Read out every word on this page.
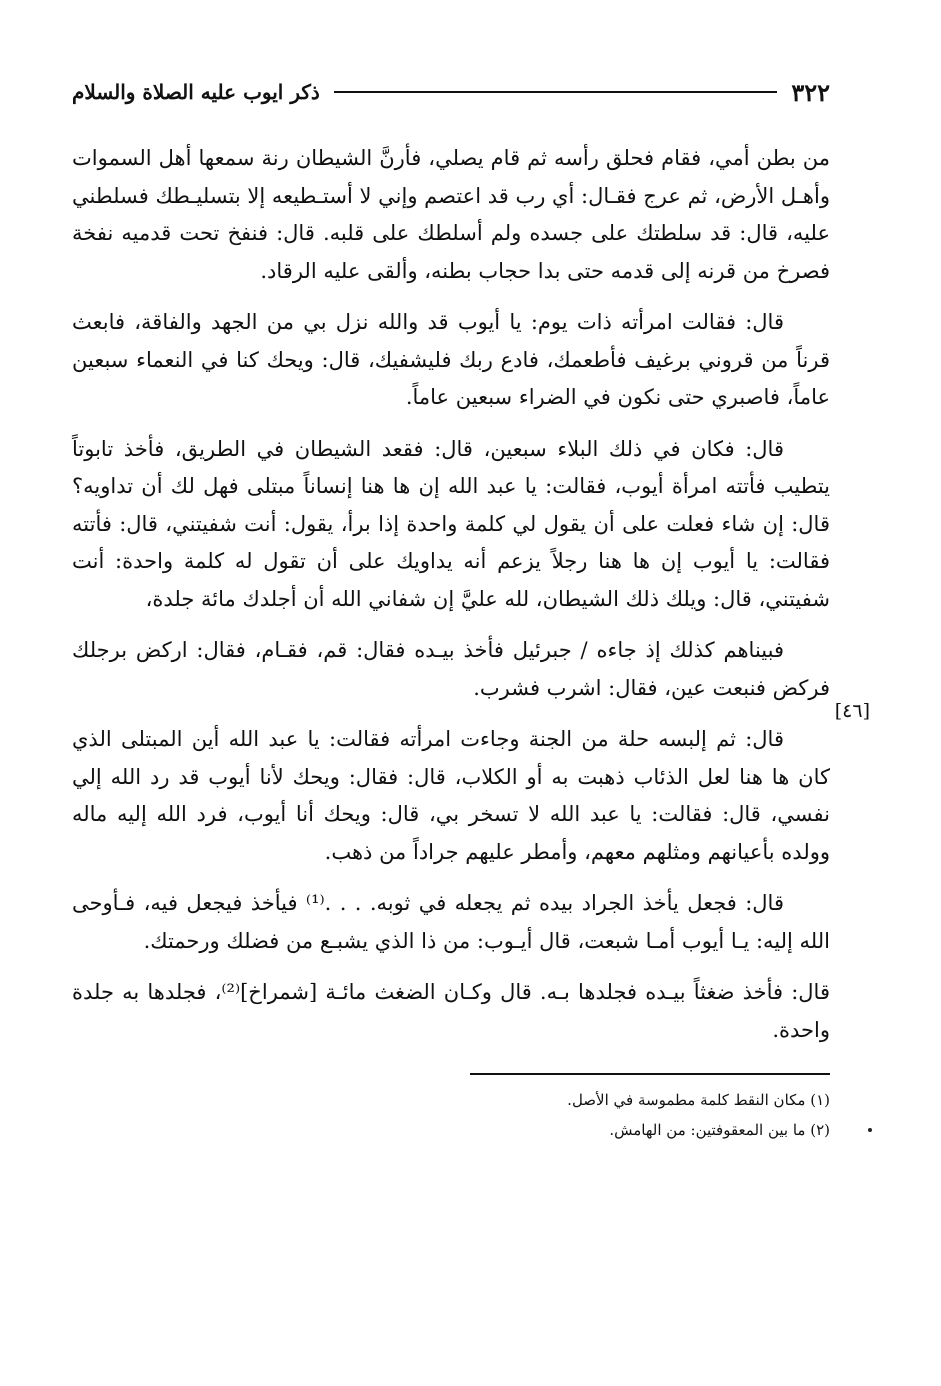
٣٢٢
ذكر ايوب عليه الصلاة والسلام

من بطن أمي، فقام فحلق رأسه ثم قام يصلي، فأرنَّ الشيطان رنة سمعها أهل السموات وأهـل الأرض، ثم عرج فقـال: أي رب قد اعتصم وإني لا أستـطيعه إلا بتسليـطك فسلطني عليه، قال: قد سلطتك على جسده ولم أسلطك على قلبه. قال: فنفخ تحت قدميه نفخة فصرخ من قرنه إلى قدمه حتى بدا حجاب بطنه، وألقى عليه الرقاد.

قال: فقالت امرأته ذات يوم: يا أيوب قد والله نزل بي من الجهد والفاقة، فابعث قرناً من قروني برغيف فأطعمك، فادع ربك فليشفيك، قال: ويحك كنا في النعماء سبعين عاماً، فاصبري حتى نكون في الضراء سبعين عاماً.

قال: فكان في ذلك البلاء سبعين، قال: فقعد الشيطان في الطريق، فأخذ تابوتاً يتطيب فأتته امرأة أيوب، فقالت: يا عبد الله إن ها هنا إنساناً مبتلى فهل لك أن تداويه؟ قال: إن شاء فعلت على أن يقول لي كلمة واحدة إذا برأ، يقول: أنت شفيتني، قال: فأتته فقالت: يا أيوب إن ها هنا رجلاً يزعم أنه يداويك على أن تقول له كلمة واحدة: أنت شفيتني، قال: ويلك ذلك الشيطان، لله عليَّ إن شفاني الله أن أجلدك مائة جلدة،

فبيناهم كذلك إذ جاءه / جبرئيل فأخذ بيـده فقال: قم، فقـام، فقال: اركض برجلك فركض فنبعت عين، فقال: اشرب فشرب.

قال: ثم إلبسه حلة من الجنة وجاءت امرأته فقالت: يا عبد الله أين المبتلى الذي كان ها هنا لعل الذئاب ذهبت به أو الكلاب، قال: فقال: ويحك لأنا أيوب قد رد الله إلي نفسي، قال: فقالت: يا عبد الله لا تسخر بي، قال: ويحك أنا أيوب، فرد الله إليه ماله وولده بأعيانهم ومثلهم معهم، وأمطر عليهم جراداً من ذهب.

قال: فجعل يأخذ الجراد بيده ثم يجعله في ثوبه. . . .⁽¹⁾ فيأخذ فيجعل فيه، فـأوحى الله إليه: يـا أيوب أمـا شبعت، قال أيـوب: من ذا الذي يشبـع من فضلك ورحمتك.

قال: فأخذ ضغثاً بيـده فجلدها بـه. قال وكـان الضغث مائـة [شمراخ]⁽²⁾، فجلدها به جلدة واحدة.

(١) مكان النقط كلمة مطموسة في الأصل.
(٢) ما بين المعقوفتين: من الهامش.
[٤٦]
